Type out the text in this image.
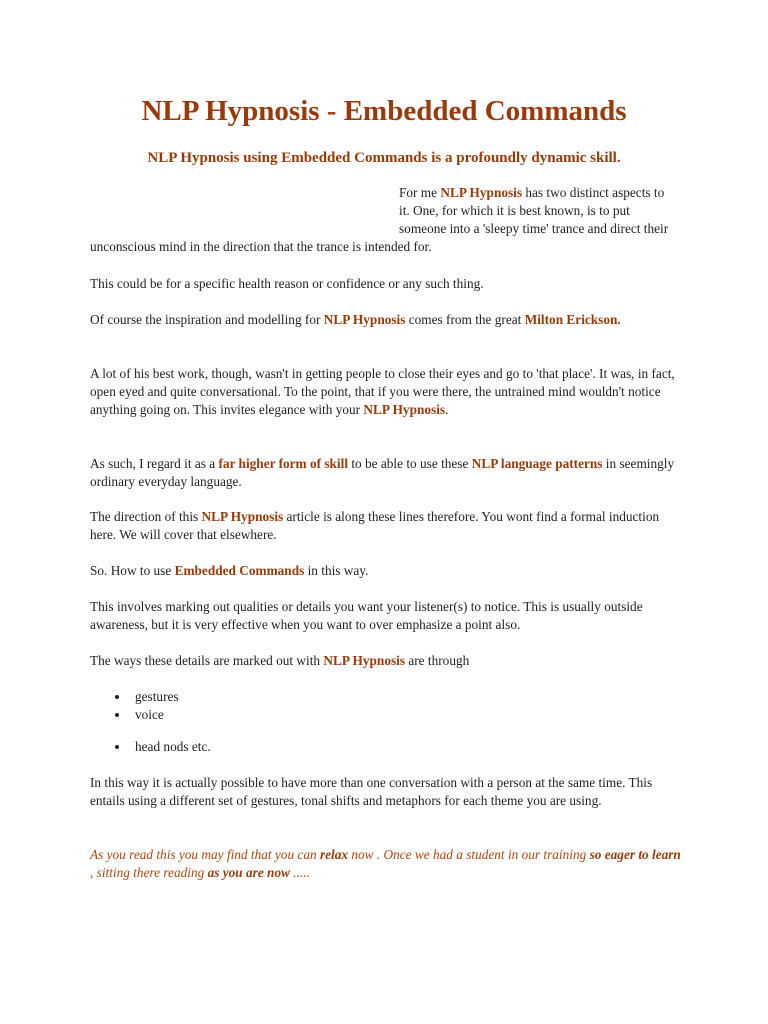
NLP Hypnosis - Embedded Commands
NLP Hypnosis using Embedded Commands is a profoundly dynamic skill.
For me NLP Hypnosis has two distinct aspects to it. One, for which it is best known, is to put someone into a 'sleepy time' trance and direct their unconscious mind in the direction that the trance is intended for.

This could be for a specific health reason or confidence or any such thing.

Of course the inspiration and modelling for NLP Hypnosis comes from the great Milton Erickson.

A lot of his best work, though, wasn't in getting people to close their eyes and go to 'that place'. It was, in fact, open eyed and quite conversational. To the point, that if you were there, the untrained mind wouldn't notice anything going on. This invites elegance with your NLP Hypnosis.

As such, I regard it as a far higher form of skill to be able to use these NLP language patterns in seemingly ordinary everyday language.

The direction of this NLP Hypnosis article is along these lines therefore. You wont find a formal induction here. We will cover that elsewhere.

So. How to use Embedded Commands in this way.

This involves marking out qualities or details you want your listener(s) to notice. This is usually outside awareness, but it is very effective when you want to over emphasize a point also.

The ways these details are marked out with NLP Hypnosis are through

gestures
voice
head nods etc.

In this way it is actually possible to have more than one conversation with a person at the same time. This entails using a different set of gestures, tonal shifts and metaphors for each theme you are using.

As you read this you may find that you can relax now . Once we had a student in our training so eager to learn , sitting there reading as you are now .....
